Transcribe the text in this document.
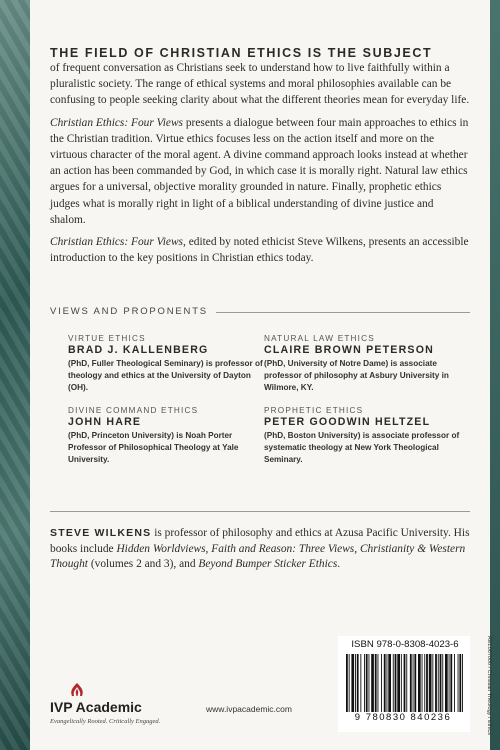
THE FIELD OF CHRISTIAN ETHICS IS THE SUBJECT

of frequent conversation as Christians seek to understand how to live faithfully within a pluralistic society. The range of ethical systems and moral philosophies available can be confusing to people seeking clarity about what the different theories mean for everyday life.

Christian Ethics: Four Views presents a dialogue between four main approaches to ethics in the Christian tradition. Virtue ethics focuses less on the action itself and more on the virtuous character of the moral agent. A divine command approach looks instead at whether an action has been commanded by God, in which case it is morally right. Natural law ethics argues for a universal, objective morality grounded in nature. Finally, prophetic ethics judges what is morally right in light of a biblical understanding of divine justice and shalom.

Christian Ethics: Four Views, edited by noted ethicist Steve Wilkens, presents an accessible introduction to the key positions in Christian ethics today.

VIEWS AND PROPONENTS
VIRTUE ETHICS
BRAD J. KALLENBERG
(PhD, Fuller Theological Seminary) is professor of theology and ethics at the University of Dayton (OH).
NATURAL LAW ETHICS
CLAIRE BROWN PETERSON
(PhD, University of Notre Dame) is associate professor of philosophy at Asbury University in Wilmore, KY.
DIVINE COMMAND ETHICS
JOHN HARE
(PhD, Princeton University) is Noah Porter Professor of Philosophical Theology at Yale University.
PROPHETIC ETHICS
PETER GOODWIN HELTZEL
(PhD, Boston University) is associate professor of systematic theology at New York Theological Seminary.
STEVE WILKENS is professor of philosophy and ethics at Azusa Pacific University. His books include Hidden Worldviews, Faith and Reason: Three Views, Christianity & Western Thought (volumes 2 and 3), and Beyond Bumper Sticker Ethics.
IVP Academic
Evangelically Rooted. Critically Engaged.
www.ivpacademic.com
ISBN 978-0-8308-4023-6
9 780830 840236	REL067000 / Christian Theology / Ethics
